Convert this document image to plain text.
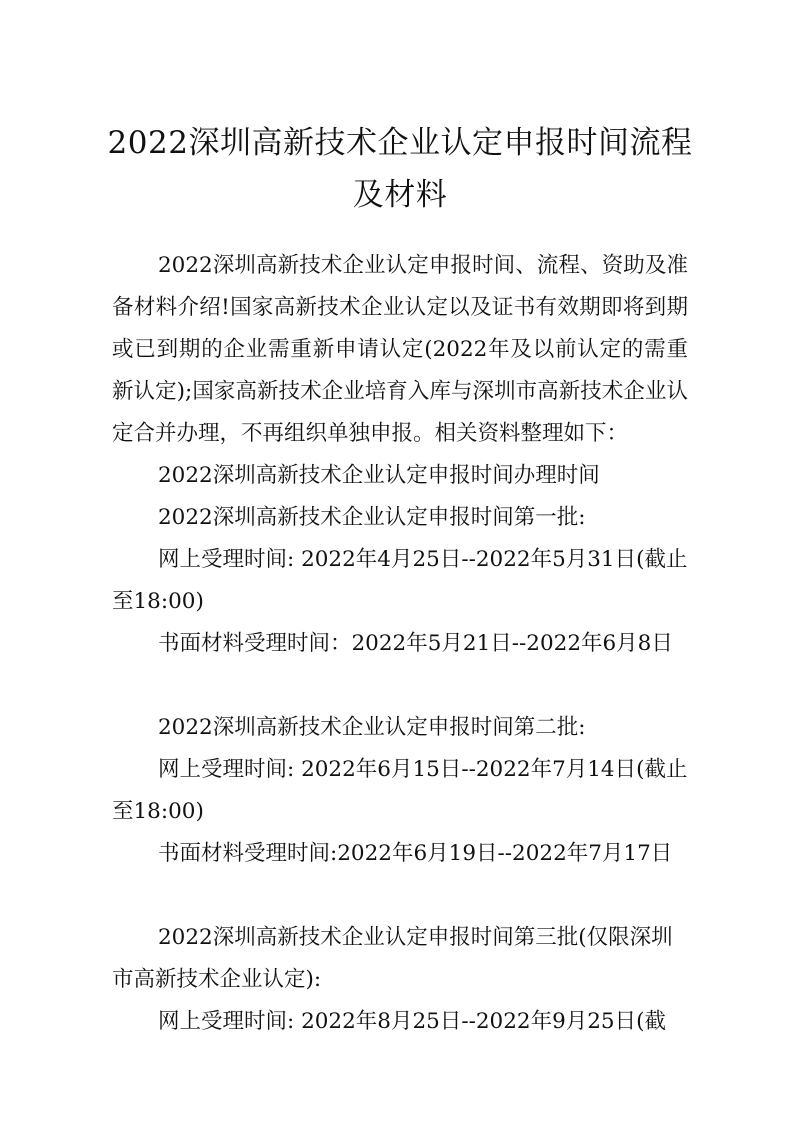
2022深圳高新技术企业认定申报时间流程
及材料

2022深圳高新技术企业认定申报时间、流程、资助及准备材料介绍!国家高新技术企业认定以及证书有效期即将到期或已到期的企业需重新申请认定(2022年及以前认定的需重新认定);国家高新技术企业培育入库与深圳市高新技术企业认定合并办理，不再组织单独申报。相关资料整理如下：

2022深圳高新技术企业认定申报时间办理时间

2022深圳高新技术企业认定申报时间第一批:

网上受理时间: 2022年4月25日--2022年5月31日(截止至18:00)

书面材料受理时间：2022年5月21日--2022年6月8日

2022深圳高新技术企业认定申报时间第二批:

网上受理时间: 2022年6月15日--2022年7月14日(截止至18:00)

书面材料受理时间:2022年6月19日--2022年7月17日

2022深圳高新技术企业认定申报时间第三批(仅限深圳市高新技术企业认定):

网上受理时间: 2022年8月25日--2022年9月25日(截
